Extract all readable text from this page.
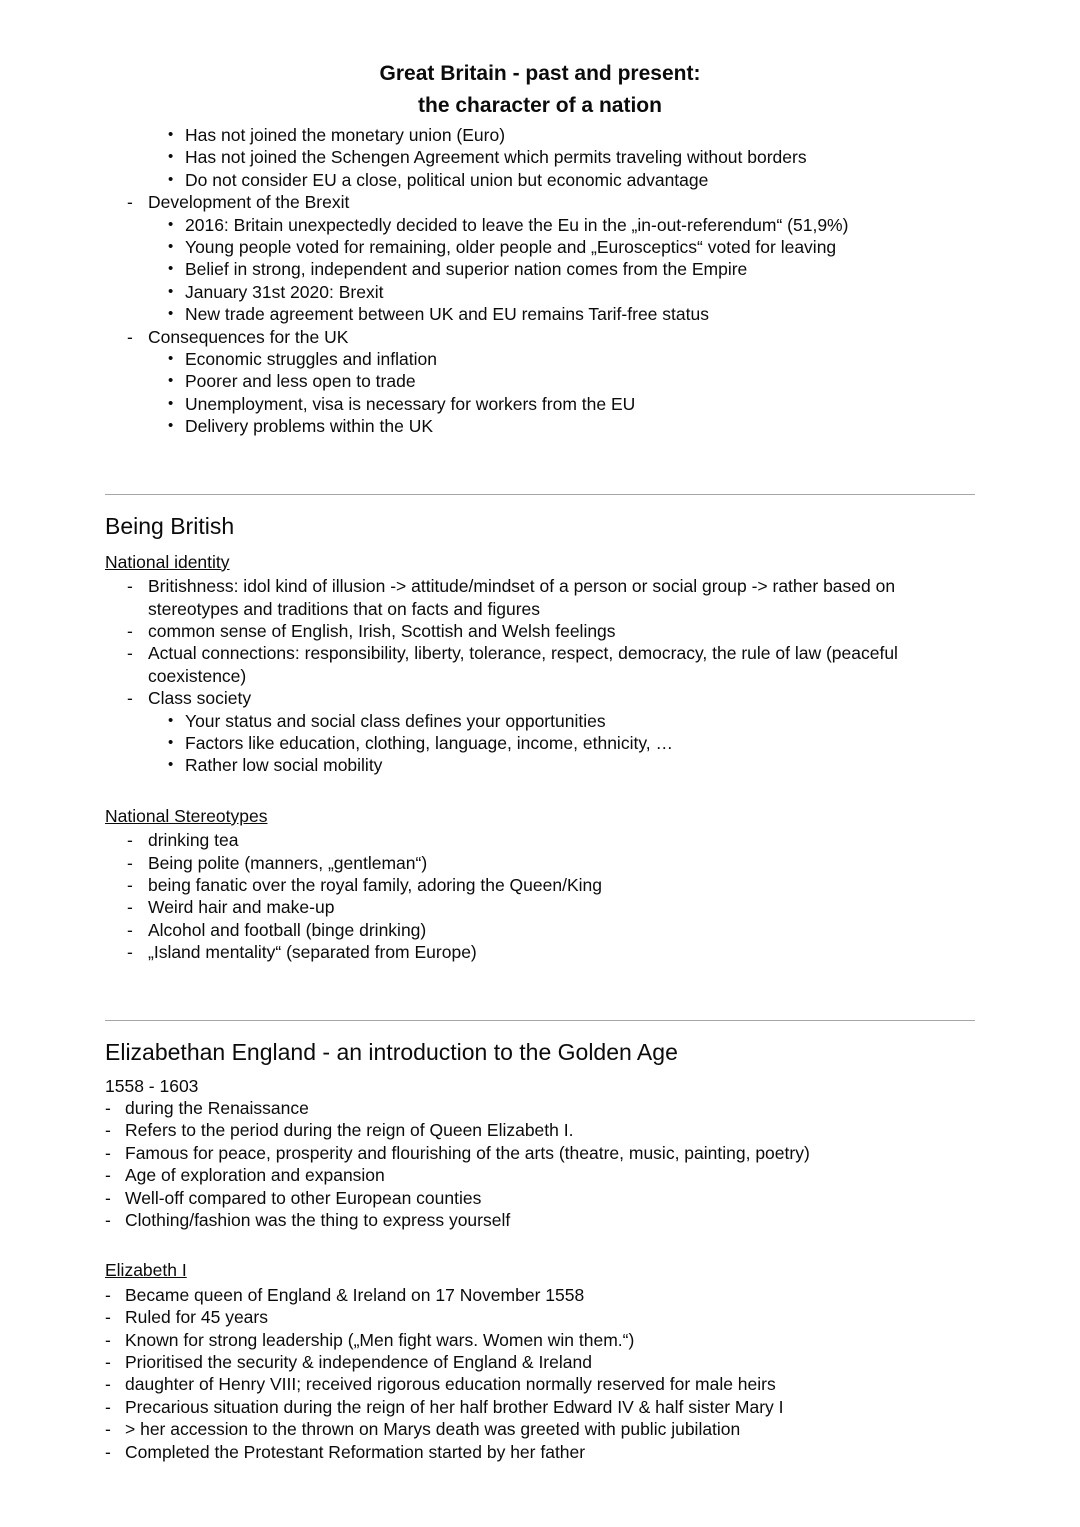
Great Britain - past and present:
the character of a nation
• Has not joined the monetary union (Euro)
• Has not joined the Schengen Agreement which permits traveling without borders
• Do not consider EU a close, political union but economic advantage
- Development of the Brexit
• 2016: Britain unexpectedly decided to leave the Eu in the „in-out-referendum“ (51,9%)
• Young people voted for remaining, older people and „Eurosceptics“ voted for leaving
• Belief in strong, independent and superior nation comes from the Empire
• January 31st 2020: Brexit
• New trade agreement between UK and EU remains Tarif-free status
- Consequences for the UK
• Economic struggles and inflation
• Poorer and less open to trade
• Unemployment, visa is necessary for workers from the EU
• Delivery problems within the UK
Being British
National identity
- Britishness: idol kind of illusion -> attitude/mindset of a person or social group -> rather based on stereotypes and traditions that on facts and figures
- common sense of English, Irish, Scottish and Welsh feelings
- Actual connections: responsibility, liberty, tolerance, respect, democracy, the rule of law (peaceful coexistence)
- Class society
• Your status and social class defines your opportunities
• Factors like education, clothing, language, income, ethnicity, …
• Rather low social mobility
National Stereotypes
- drinking tea
- Being polite (manners, „gentleman“)
- being fanatic over the royal family, adoring the Queen/King
- Weird hair and make-up
- Alcohol and football (binge drinking)
- „Island mentality“ (separated from Europe)
Elizabethan England - an introduction to the Golden Age
1558 - 1603
- during the Renaissance
- Refers to the period during the reign of Queen Elizabeth I.
- Famous for peace, prosperity and flourishing of the arts (theatre, music, painting, poetry)
- Age of exploration and expansion
- Well-off compared to other European counties
- Clothing/fashion was the thing to express yourself
Elizabeth I
- Became queen of England & Ireland on 17 November 1558
- Ruled for 45 years
- Known for strong leadership („Men fight wars. Women win them.“)
- Prioritised the security & independence of England & Ireland
- daughter of Henry VIII; received rigorous education normally reserved for male heirs
- Precarious situation during the reign of her half brother Edward IV & half sister Mary I
- > her accession to the thrown on Marys death was greeted with public jubilation
- Completed the Protestant Reformation started by her father
